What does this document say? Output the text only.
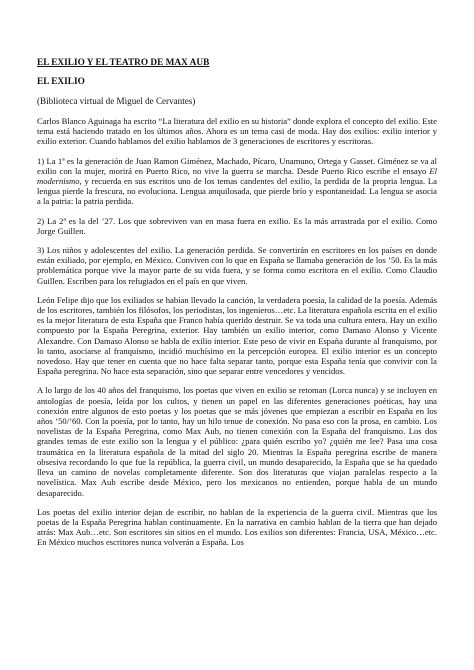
EL EXILIO Y EL TEATRO DE MAX AUB

EL EXILIO

(Biblioteca virtual de Miguel de Cervantes)

Carlos Blanco Aguinaga ha escrito “La literatura del exilio en su historia” donde explora el concepto del exilio. Este tema está haciendo tratado en los últimos años. Ahora es un tema casi de moda. Hay dos exilios: exilio interior y exilio exterior. Cuando hablamos del exilio hablamos de 3 generaciones de escritores y escritoras.

1) La 1ª es la generación de Juan Ramon Giménez, Machado, Pícaro, Unamuno, Ortega y Gasset. Giménez se va al exilio con la mujer, morirá en Puerto Rico, no vive la guerra se marcha. Desde Puerto Rico escribe el ensayo El modernismo, y recuerda en sus escritos uno de los temas candentes del exilio, la perdida de la propria lengua. La lengua pierde la frescura, no evoluciona. Lengua anquilosada, que pierde brío y espontaneidad. La lengua se asocia a la patria: la patria perdida.

2) La 2ª es la del ’27. Los que sobreviven van en masa fuera en exilio. Es la más arrastrada por el exilio. Como Jorge Guillen.

3) Los niños y adolescentes del exilio. La generación perdida. Se convertirán en escritores en los países en donde están exiliado, por ejemplo, en México. Conviven con lo que en España se llamaba generación de los ’50. Es la más problemática porque vive la mayor parte de su vida fuera, y se forma como escritora en el exilio. Como Claudio Guillen. Escriben para los refugiados en el país en que viven.

León Felipe dijo que los exiliados se habían llevado la canción, la verdadera poesía, la calidad de la poesía. Además de los escritores, también los filósofos, los periodistas, los ingenieros…etc. La literatura española escrita en el exilio es la mejor literatura de esta España que Franco había querido destruir. Se va toda una cultura entera. Hay un exilio compuesto por la España Peregrina, exterior. Hay también un exilio interior, como Damaso Alonso y Vicente Alexandre. Con Damaso Alonso se habla de exilio interior. Este peso de vivir en España durante al franquismo, por lo tanto, asociarse al franquismo, incidió muchísimo en la percepción europea. El exilio interior es un concepto novedoso. Hay que tener en cuenta que no hace falta separar tanto, porque esta España tenía que convivir con la España peregrina. No hace esta separación, sino que separar entre vencedores y vencidos.

A lo largo de los 40 años del franquismo, los poetas que viven en exilio se retoman (Lorca nunca) y se incluyen en antologías de poesía, leída por los cultos, y tienen un papel en las diferentes generaciones poéticas, hay una conexión entre algunos de esto poetas y los poetas que se más jóvenes que empiezan a escribir en España en los años ’50/’60. Con la poesía, por lo tanto, hay un hilo tenue de conexión. No pasa eso con la prosa, en cambio. Los novelistas de la España Peregrina, como Max Aub, no tienen conexión con la España del franquismo. Los dos grandes temas de este exilio son la lengua y el público: ¿para quién escribo yo? ¿quién me lee? Pasa una cosa traumática en la literatura española de la mitad del siglo 20. Mientras la España peregrina escribe de manera obsesiva recordando lo que fue la república, la guerra civil, un mundo desaparecido, la España que se ha quedado lleva un camino de novelas completamente diferente. Son dos literaturas que viajan paralelas respecto a la novelística. Max Aub escribe desde México, pero los mexicanos no entienden, porque habla de un mundo desaparecido.

Los poetas del exilio interior dejan de escribir, no hablan de la experiencia de la guerra civil. Mientras que los poetas de la España Peregrina hablan continuamente. En la narrativa en cambio hablan de la tierra que han dejado atrás: Max Aub…etc. Son escritores sin sitios en el mundo. Los exilios son diferentes: Francia, USA, México…etc. En México muchos escritores nunca volverán a España. Los
